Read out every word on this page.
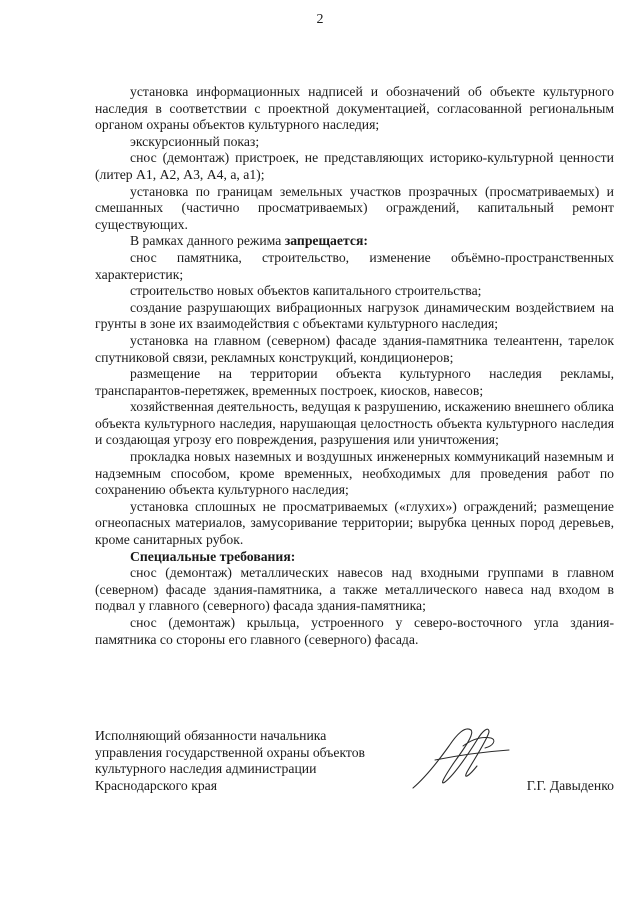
2

установка информационных надписей и обозначений об объекте культурного наследия в соответствии с проектной документацией, согласованной региональным органом охраны объектов культурного наследия;

экскурсионный показ;

снос (демонтаж) пристроек, не представляющих историко-культурной ценности (литер А1, А2, А3, А4, а, а1);

установка по границам земельных участков прозрачных (просматриваемых) и смешанных (частично просматриваемых) ограждений, капитальный ремонт существующих.

В рамках данного режима запрещается:

снос памятника, строительство, изменение объёмно-пространственных характеристик;

строительство новых объектов капитального строительства;

создание разрушающих вибрационных нагрузок динамическим воздействием на грунты в зоне их взаимодействия с объектами культурного наследия;

установка на главном (северном) фасаде здания-памятника телеантенн, тарелок спутниковой связи, рекламных конструкций, кондиционеров;

размещение на территории объекта культурного наследия рекламы, транспарантов-перетяжек, временных построек, киосков, навесов;

хозяйственная деятельность, ведущая к разрушению, искажению внешнего облика объекта культурного наследия, нарушающая целостность объекта культурного наследия и создающая угрозу его повреждения, разрушения или уничтожения;

прокладка новых наземных и воздушных инженерных коммуникаций наземным и надземным способом, кроме временных, необходимых для проведения работ по сохранению объекта культурного наследия;

установка сплошных не просматриваемых («глухих») ограждений; размещение огнеопасных материалов, замусоривание территории; вырубка ценных пород деревьев, кроме санитарных рубок.

Специальные требования:

снос (демонтаж) металлических навесов над входными группами в главном (северном) фасаде здания-памятника, а также металлического навеса над входом в подвал у главного (северного) фасада здания-памятника;

снос (демонтаж) крыльца, устроенного у северо-восточного угла здания-памятника со стороны его главного (северного) фасада.

Исполняющий обязанности начальника
управления государственной охраны объектов
культурного наследия администрации
Краснодарского края	Г.Г. Давыденко
